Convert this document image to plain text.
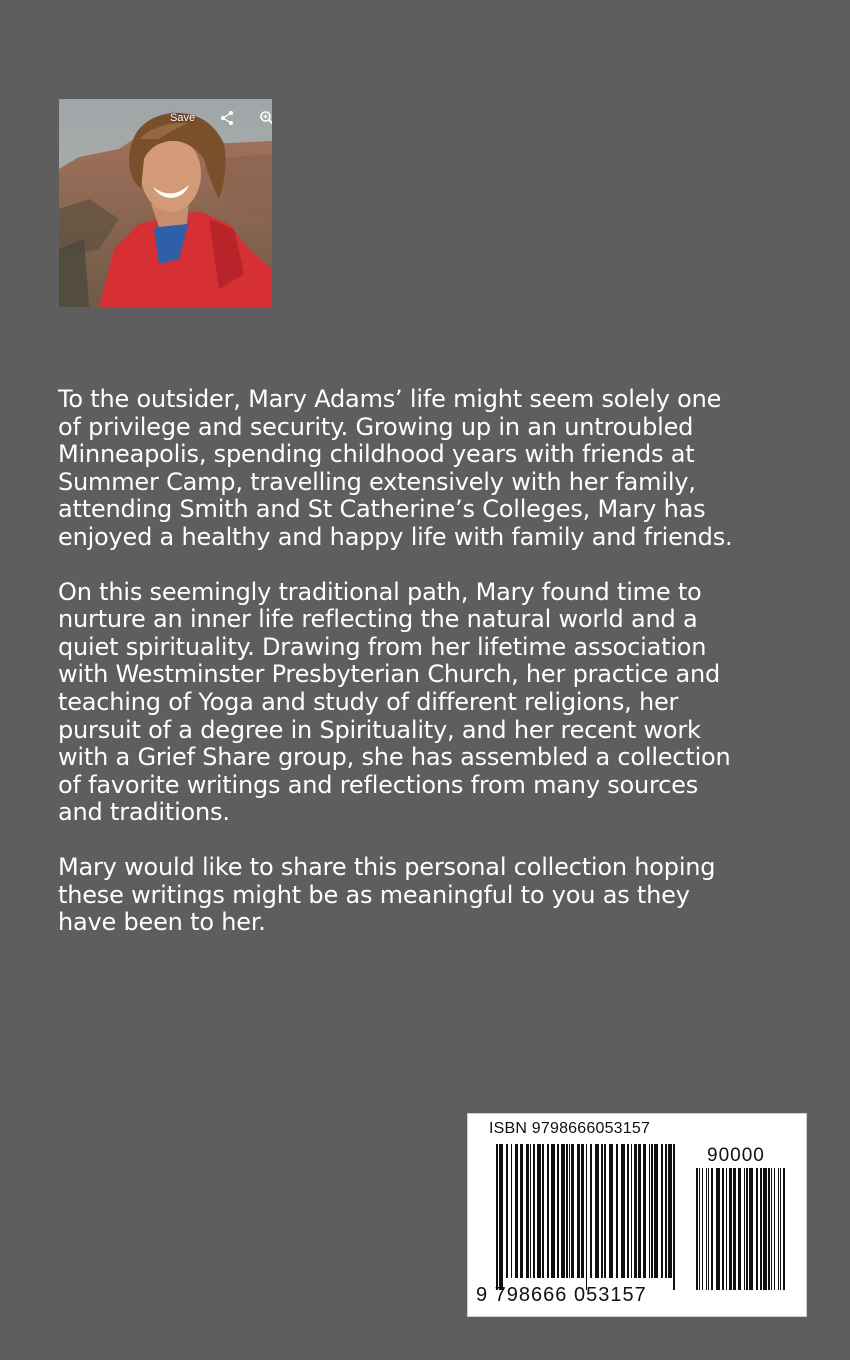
Save

To the outsider, Mary Adams’ life might seem solely one
of privilege and security. Growing up in an untroubled
Minneapolis, spending childhood years with friends at
Summer Camp, travelling extensively with her family,
attending Smith and St Catherine’s Colleges, Mary has
enjoyed a healthy and happy life with family and friends.

On this seemingly traditional path, Mary found time to
nurture an inner life reflecting the natural world and a
quiet spirituality. Drawing from her lifetime association
with Westminster Presbyterian Church, her practice and
teaching of Yoga and study of different religions, her
pursuit of a degree in Spirituality, and her recent work
with a Grief Share group, she has assembled a collection
of favorite writings and reflections from many sources
and traditions.

Mary would like to share this personal collection hoping
these writings might be as meaningful to you as they
have been to her.

ISBN 9798666053157
90000
9 798666 053157
